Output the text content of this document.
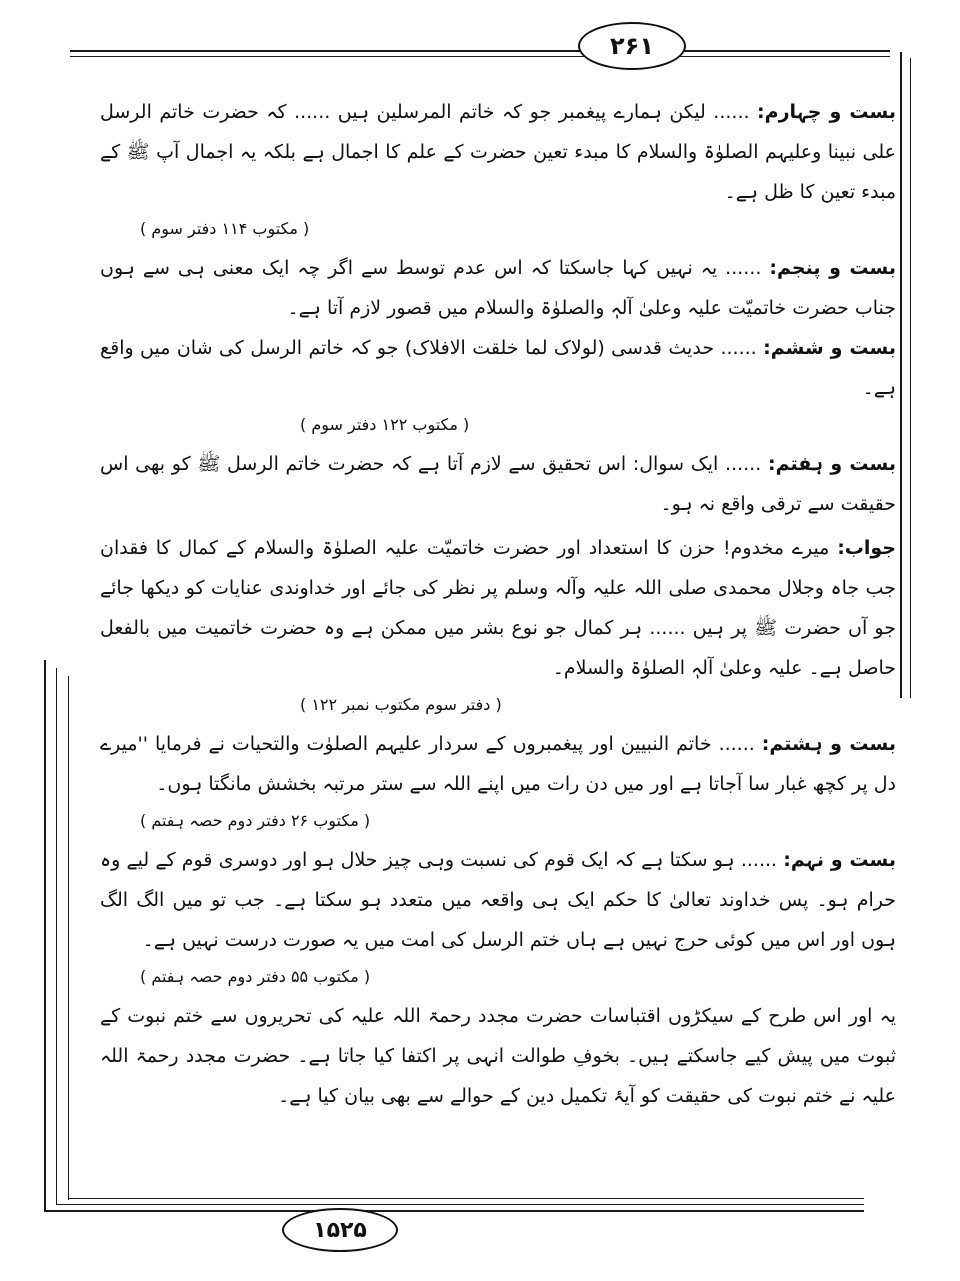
۲۶۱

بست و چہارم: ...... لیکن ہمارے پیغمبر جو کہ خاتم المرسلین ہیں ...... کہ حضرت خاتم الرسل علی نبینا وعلیہم الصلوٰۃ والسلام کا مبدء تعین حضرت کے علم کا اجمال ہے بلکہ یہ اجمال آپ ﷺ کے مبدء تعین کا ظل ہے۔

( مکتوب ۱۱۴ دفتر سوم )

بست و پنجم: ...... یہ نہیں کہا جاسکتا کہ اس عدم توسط سے اگر چہ ایک معنی ہی سے ہوں جناب حضرت خاتمیّت علیہ وعلیٰ آلہٖ والصلوٰۃ والسلام میں قصور لازم آتا ہے۔

بست و ششم: ...... حدیث قدسی (لولاک لما خلقت الافلاک) جو کہ خاتم الرسل کی شان میں واقع ہے۔

( مکتوب ۱۲۲ دفتر سوم )

بست و ہفتم: ...... ایک سوال: اس تحقیق سے لازم آتا ہے کہ حضرت خاتم الرسل ﷺ کو بھی اس حقیقت سے ترقی واقع نہ ہو۔

جواب: میرے مخدوم! حزن کا استعداد اور حضرت خاتمیّت علیہ الصلوٰۃ والسلام کے کمال کا فقدان جب جاہ وجلال محمدی صلی اللہ علیہ وآلہ وسلم پر نظر کی جائے اور خداوندی عنایات کو دیکھا جائے جو آں حضرت ﷺ پر ہیں ...... ہر کمال جو نوع بشر میں ممکن ہے وہ حضرت خاتمیت میں بالفعل حاصل ہے۔ علیہ وعلیٰ آلہٖ الصلوٰۃ والسلام۔

( دفتر سوم مکتوب نمبر ۱۲۲ )

بست و ہشتم: ...... خاتم النبیین اور پیغمبروں کے سردار علیہم الصلوٰت والتحیات نے فرمایا ''میرے دل پر کچھ غبار سا آجاتا ہے اور میں دن رات میں اپنے اللہ سے ستر مرتبہ بخشش مانگتا ہوں۔

( مکتوب ۲۶ دفتر دوم حصہ ہفتم )

بست و نہم: ...... ہو سکتا ہے کہ ایک قوم کی نسبت وہی چیز حلال ہو اور دوسری قوم کے لیے وہ حرام ہو۔ پس خداوند تعالیٰ کا حکم ایک ہی واقعہ میں متعدد ہو سکتا ہے۔ جب تو میں الگ الگ ہوں اور اس میں کوئی حرج نہیں ہے ہاں ختم الرسل کی امت میں یہ صورت درست نہیں ہے۔

( مکتوب ۵۵ دفتر دوم حصہ ہفتم )

یہ اور اس طرح کے سیکڑوں اقتباسات حضرت مجدد رحمۃ اللہ علیہ کی تحریروں سے ختم نبوت کے ثبوت میں پیش کیے جاسکتے ہیں۔ بخوفِ طوالت انہی پر اکتفا کیا جاتا ہے۔ حضرت مجدد رحمۃ اللہ علیہ نے ختم نبوت کی حقیقت کو آیۂ تکمیل دین کے حوالے سے بھی بیان کیا ہے۔

۱۵۲۵
